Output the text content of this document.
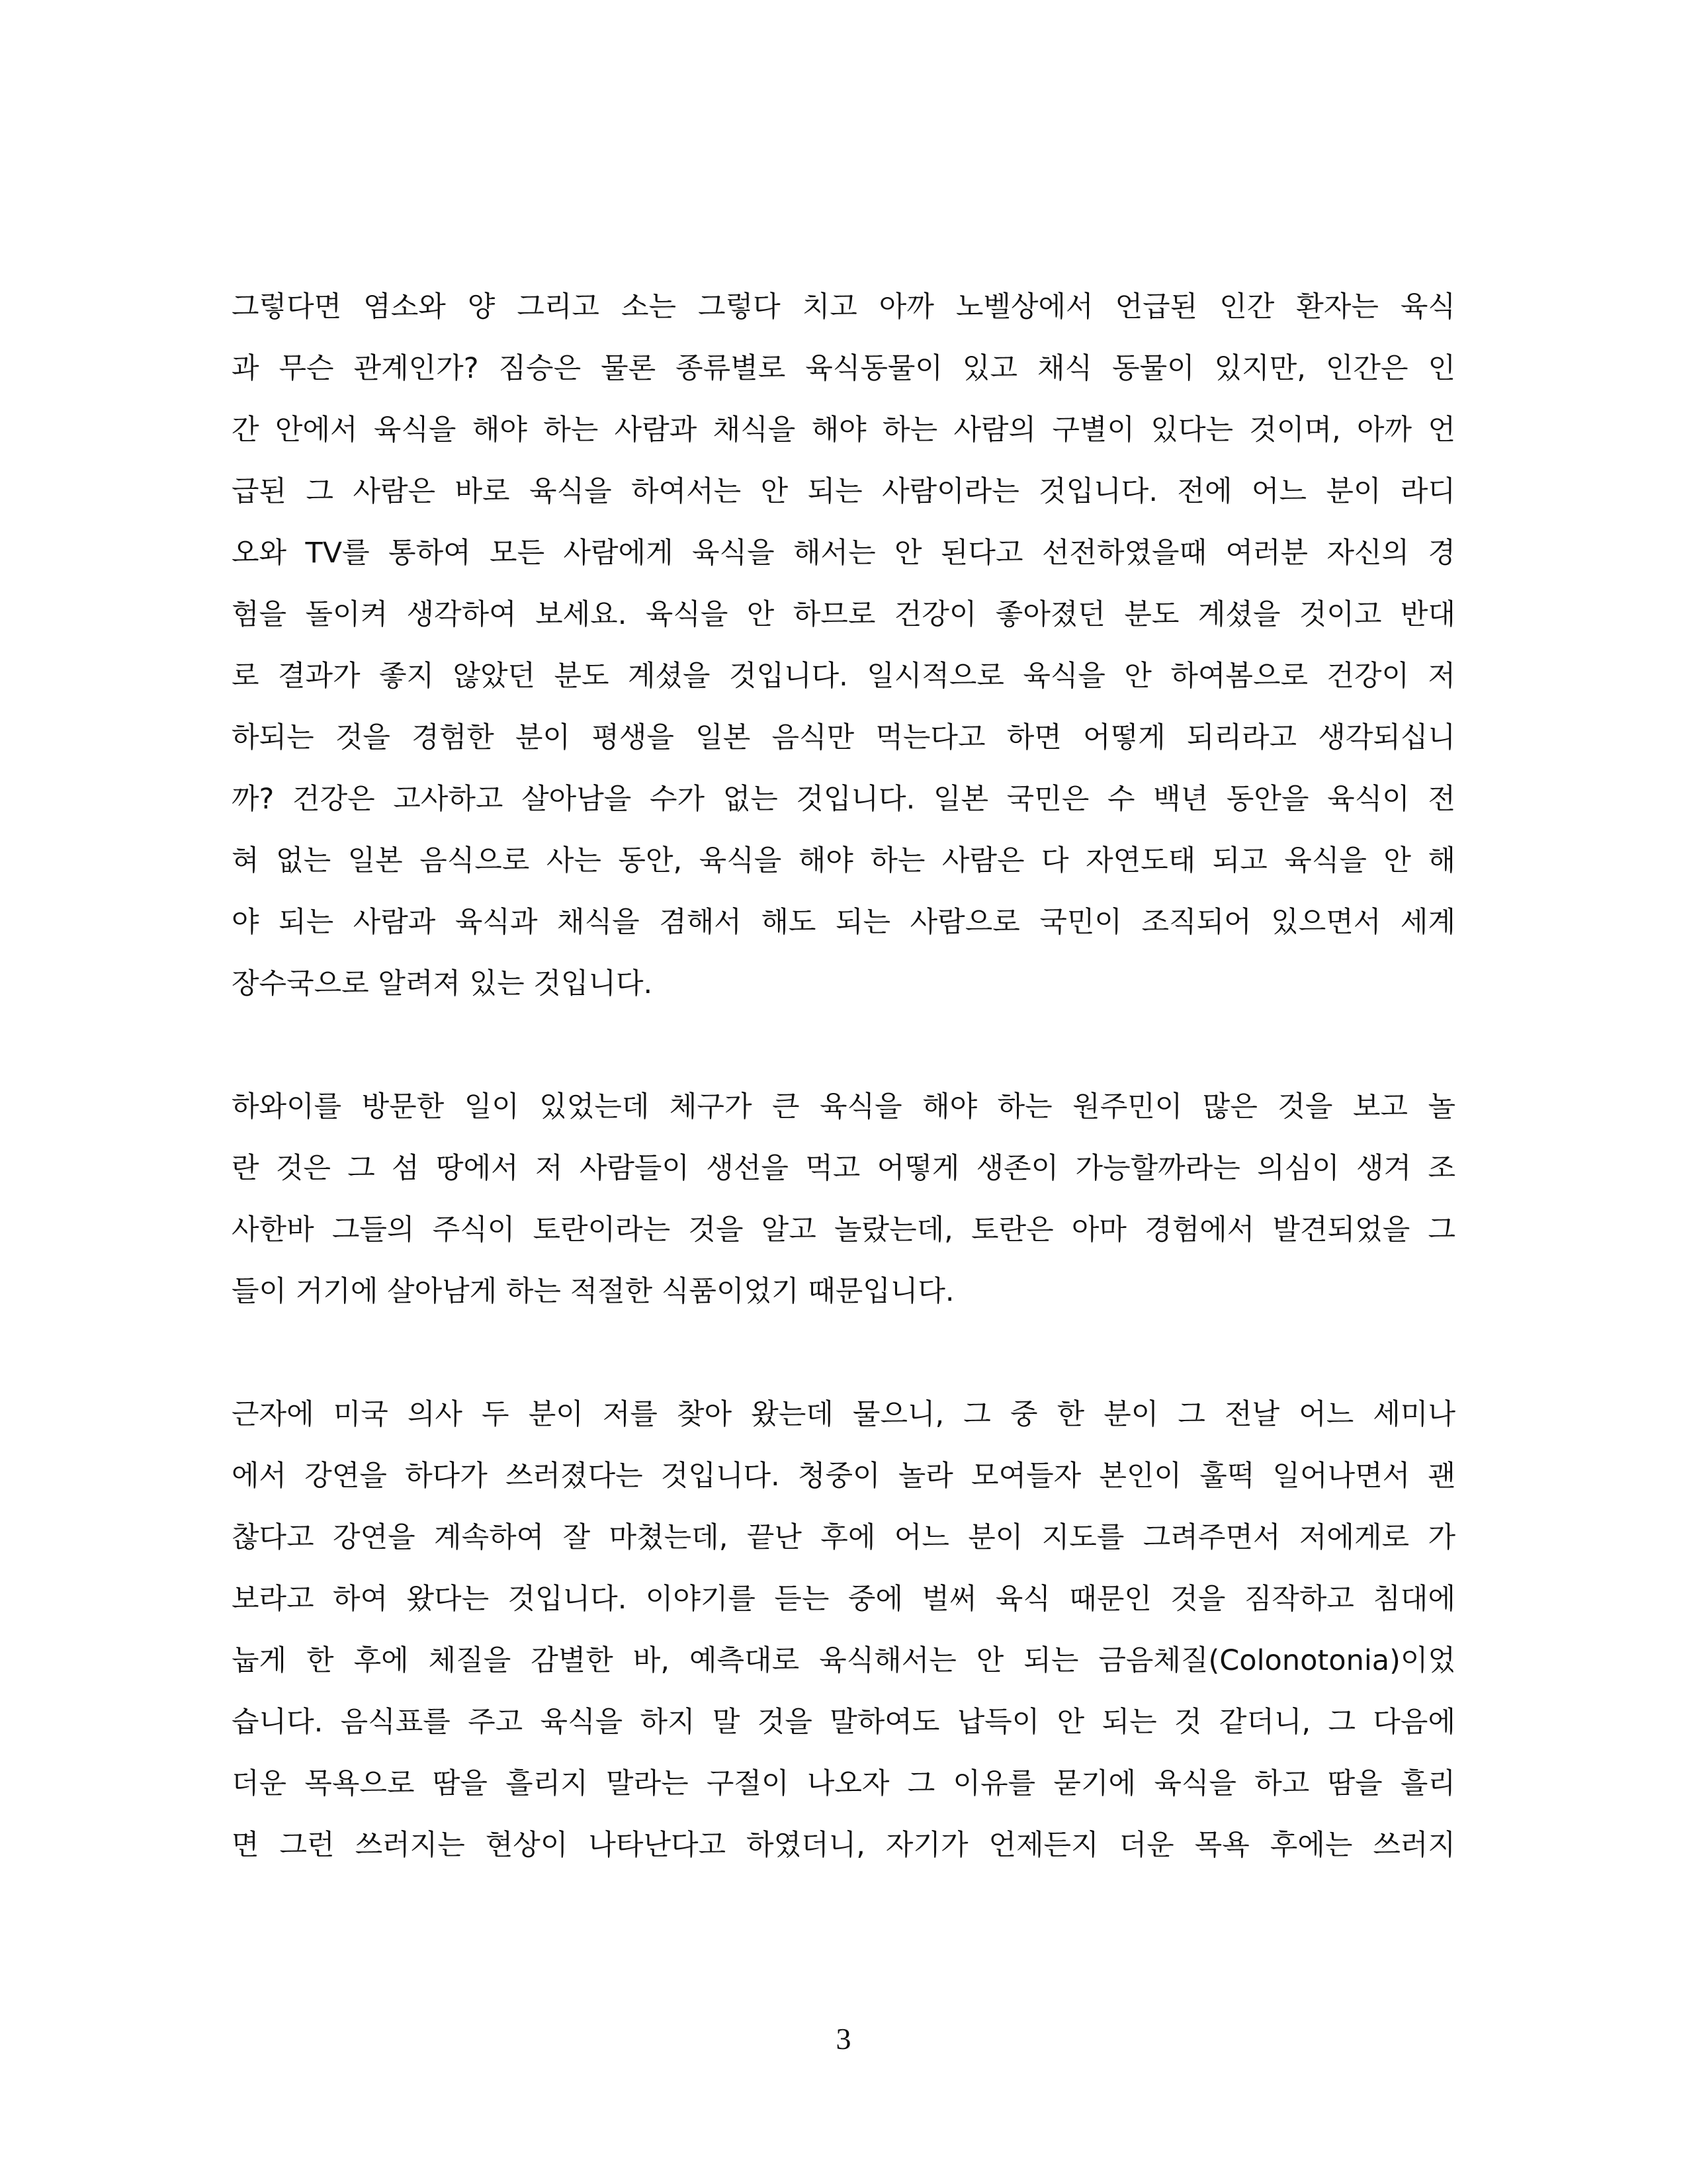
그렇다면 염소와 양 그리고 소는 그렇다 치고 아까 노벨상에서 언급된 인간 환자는 육식
과 무슨 관계인가? 짐승은 물론 종류별로 육식동물이 있고 채식 동물이 있지만, 인간은 인
간 안에서 육식을 해야 하는 사람과 채식을 해야 하는 사람의 구별이 있다는 것이며, 아까 언
급된 그 사람은 바로 육식을 하여서는 안 되는 사람이라는 것입니다. 전에 어느 분이 라디
오와 TV를 통하여 모든 사람에게 육식을 해서는 안 된다고 선전하였을때 여러분 자신의 경
험을 돌이켜 생각하여 보세요. 육식을 안 하므로 건강이 좋아졌던 분도 계셨을 것이고 반대
로 결과가 좋지 않았던 분도 계셨을 것입니다. 일시적으로 육식을 안 하여봄으로 건강이 저
하되는 것을 경험한 분이 평생을 일본 음식만 먹는다고 하면 어떻게 되리라고 생각되십니
까? 건강은 고사하고 살아남을 수가 없는 것입니다. 일본 국민은 수 백년 동안을 육식이 전
혀 없는 일본 음식으로 사는 동안, 육식을 해야 하는 사람은 다 자연도태 되고 육식을 안 해
야 되는 사람과 육식과 채식을 겸해서 해도 되는 사람으로 국민이 조직되어 있으면서 세계
장수국으로 알려져 있는 것입니다.
하와이를 방문한 일이 있었는데 체구가 큰 육식을 해야 하는 원주민이 많은 것을 보고 놀
란 것은 그 섬 땅에서 저 사람들이 생선을 먹고 어떻게 생존이 가능할까라는 의심이 생겨 조
사한바 그들의 주식이 토란이라는 것을 알고 놀랐는데, 토란은 아마 경험에서 발견되었을 그
들이 거기에 살아남게 하는 적절한 식품이었기 때문입니다.
근자에 미국 의사 두 분이 저를 찾아 왔는데 물으니, 그 중 한 분이 그 전날 어느 세미나
에서 강연을 하다가 쓰러졌다는 것입니다. 청중이 놀라 모여들자 본인이 훌떡 일어나면서 괜
찮다고 강연을 계속하여 잘 마쳤는데, 끝난 후에 어느 분이 지도를 그려주면서 저에게로 가
보라고 하여 왔다는 것입니다. 이야기를 듣는 중에 벌써 육식 때문인 것을 짐작하고 침대에
눕게 한 후에 체질을 감별한 바, 예측대로 육식해서는 안 되는 금음체질(Colonotonia)이었
습니다. 음식표를 주고 육식을 하지 말 것을 말하여도 납득이 안 되는 것 같더니, 그 다음에
더운 목욕으로 땀을 흘리지 말라는 구절이 나오자 그 이유를 묻기에 육식을 하고 땀을 흘리
면 그런 쓰러지는 현상이 나타난다고 하였더니, 자기가 언제든지 더운 목욕 후에는 쓰러지
3
